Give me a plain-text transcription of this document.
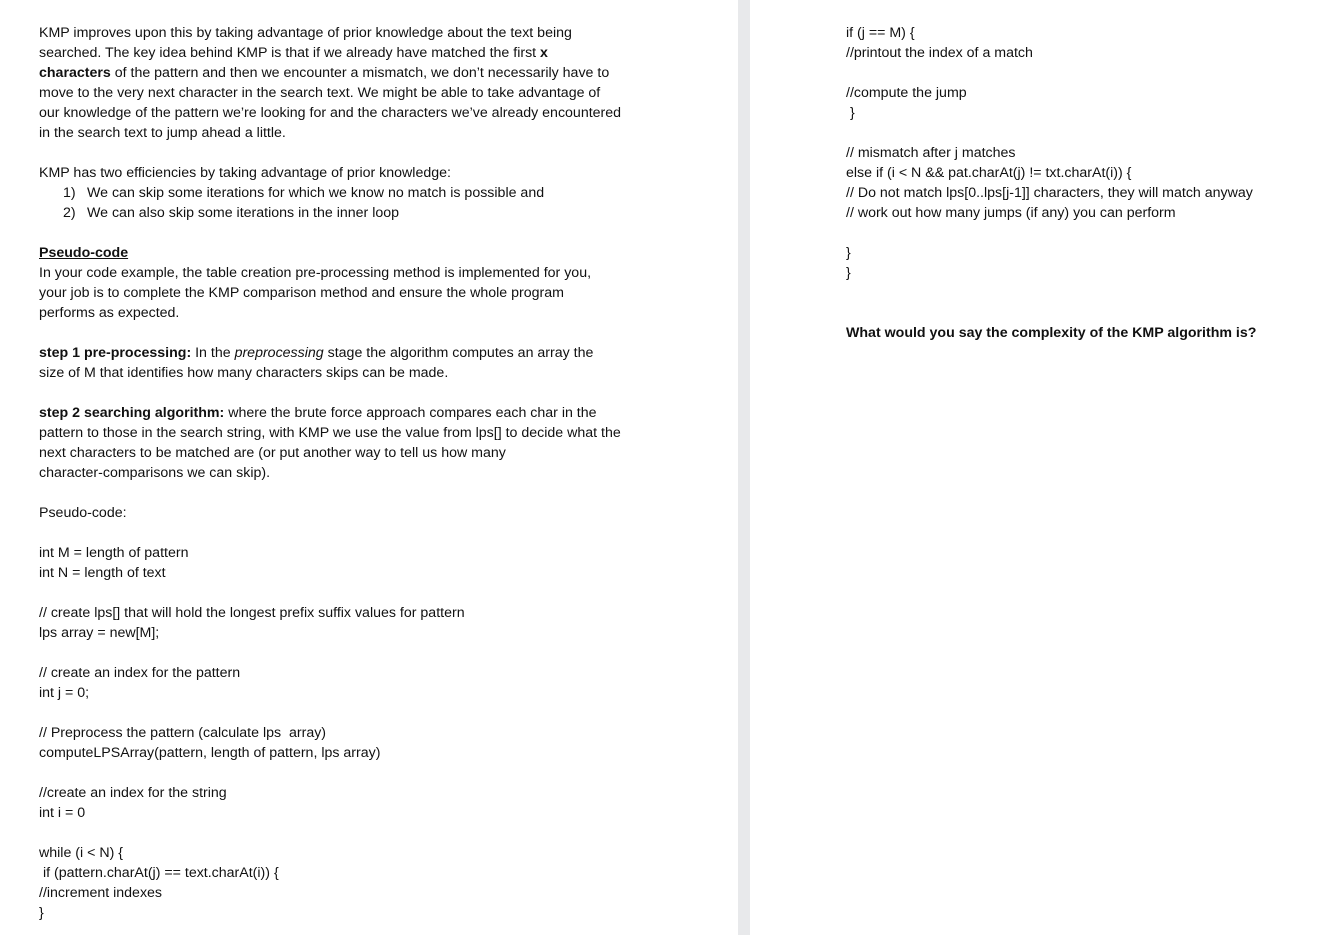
KMP improves upon this by taking advantage of prior knowledge about the text being
searched. The key idea behind KMP is that if we already have matched the first x
characters of the pattern and then we encounter a mismatch, we don’t necessarily have to
move to the very next character in the search text. We might be able to take advantage of
our knowledge of the pattern we’re looking for and the characters we’ve already encountered
in the search text to jump ahead a little.
KMP has two efficiencies by taking advantage of prior knowledge:
1) We can skip some iterations for which we know no match is possible and
2) We can also skip some iterations in the inner loop
Pseudo-code
In your code example, the table creation pre-processing method is implemented for you,
your job is to complete the KMP comparison method and ensure the whole program
performs as expected.
step 1 pre-processing: In the preprocessing stage the algorithm computes an array the
size of M that identifies how many characters skips can be made.
step 2 searching algorithm: where the brute force approach compares each char in the
pattern to those in the search string, with KMP we use the value from lps[] to decide what the
next characters to be matched are (or put another way to tell us how many
character-comparisons we can skip).
Pseudo-code:
int M = length of pattern
int N = length of text
// create lps[] that will hold the longest prefix suffix values for pattern
lps array = new[M];
// create an index for the pattern
int j = 0;
// Preprocess the pattern (calculate lps  array)
computeLPSArray(pattern, length of pattern, lps array)
//create an index for the string
int i = 0
while (i < N) {
if (pattern.charAt(j) == text.charAt(i)) {
//increment indexes
}
if (j == M) {
//printout the index of a match
//compute the jump
}
// mismatch after j matches
else if (i < N && pat.charAt(j) != txt.charAt(i)) {
// Do not match lps[0..lps[j-1]] characters, they will match anyway
// work out how many jumps (if any) you can perform
}
}
What would you say the complexity of the KMP algorithm is?
